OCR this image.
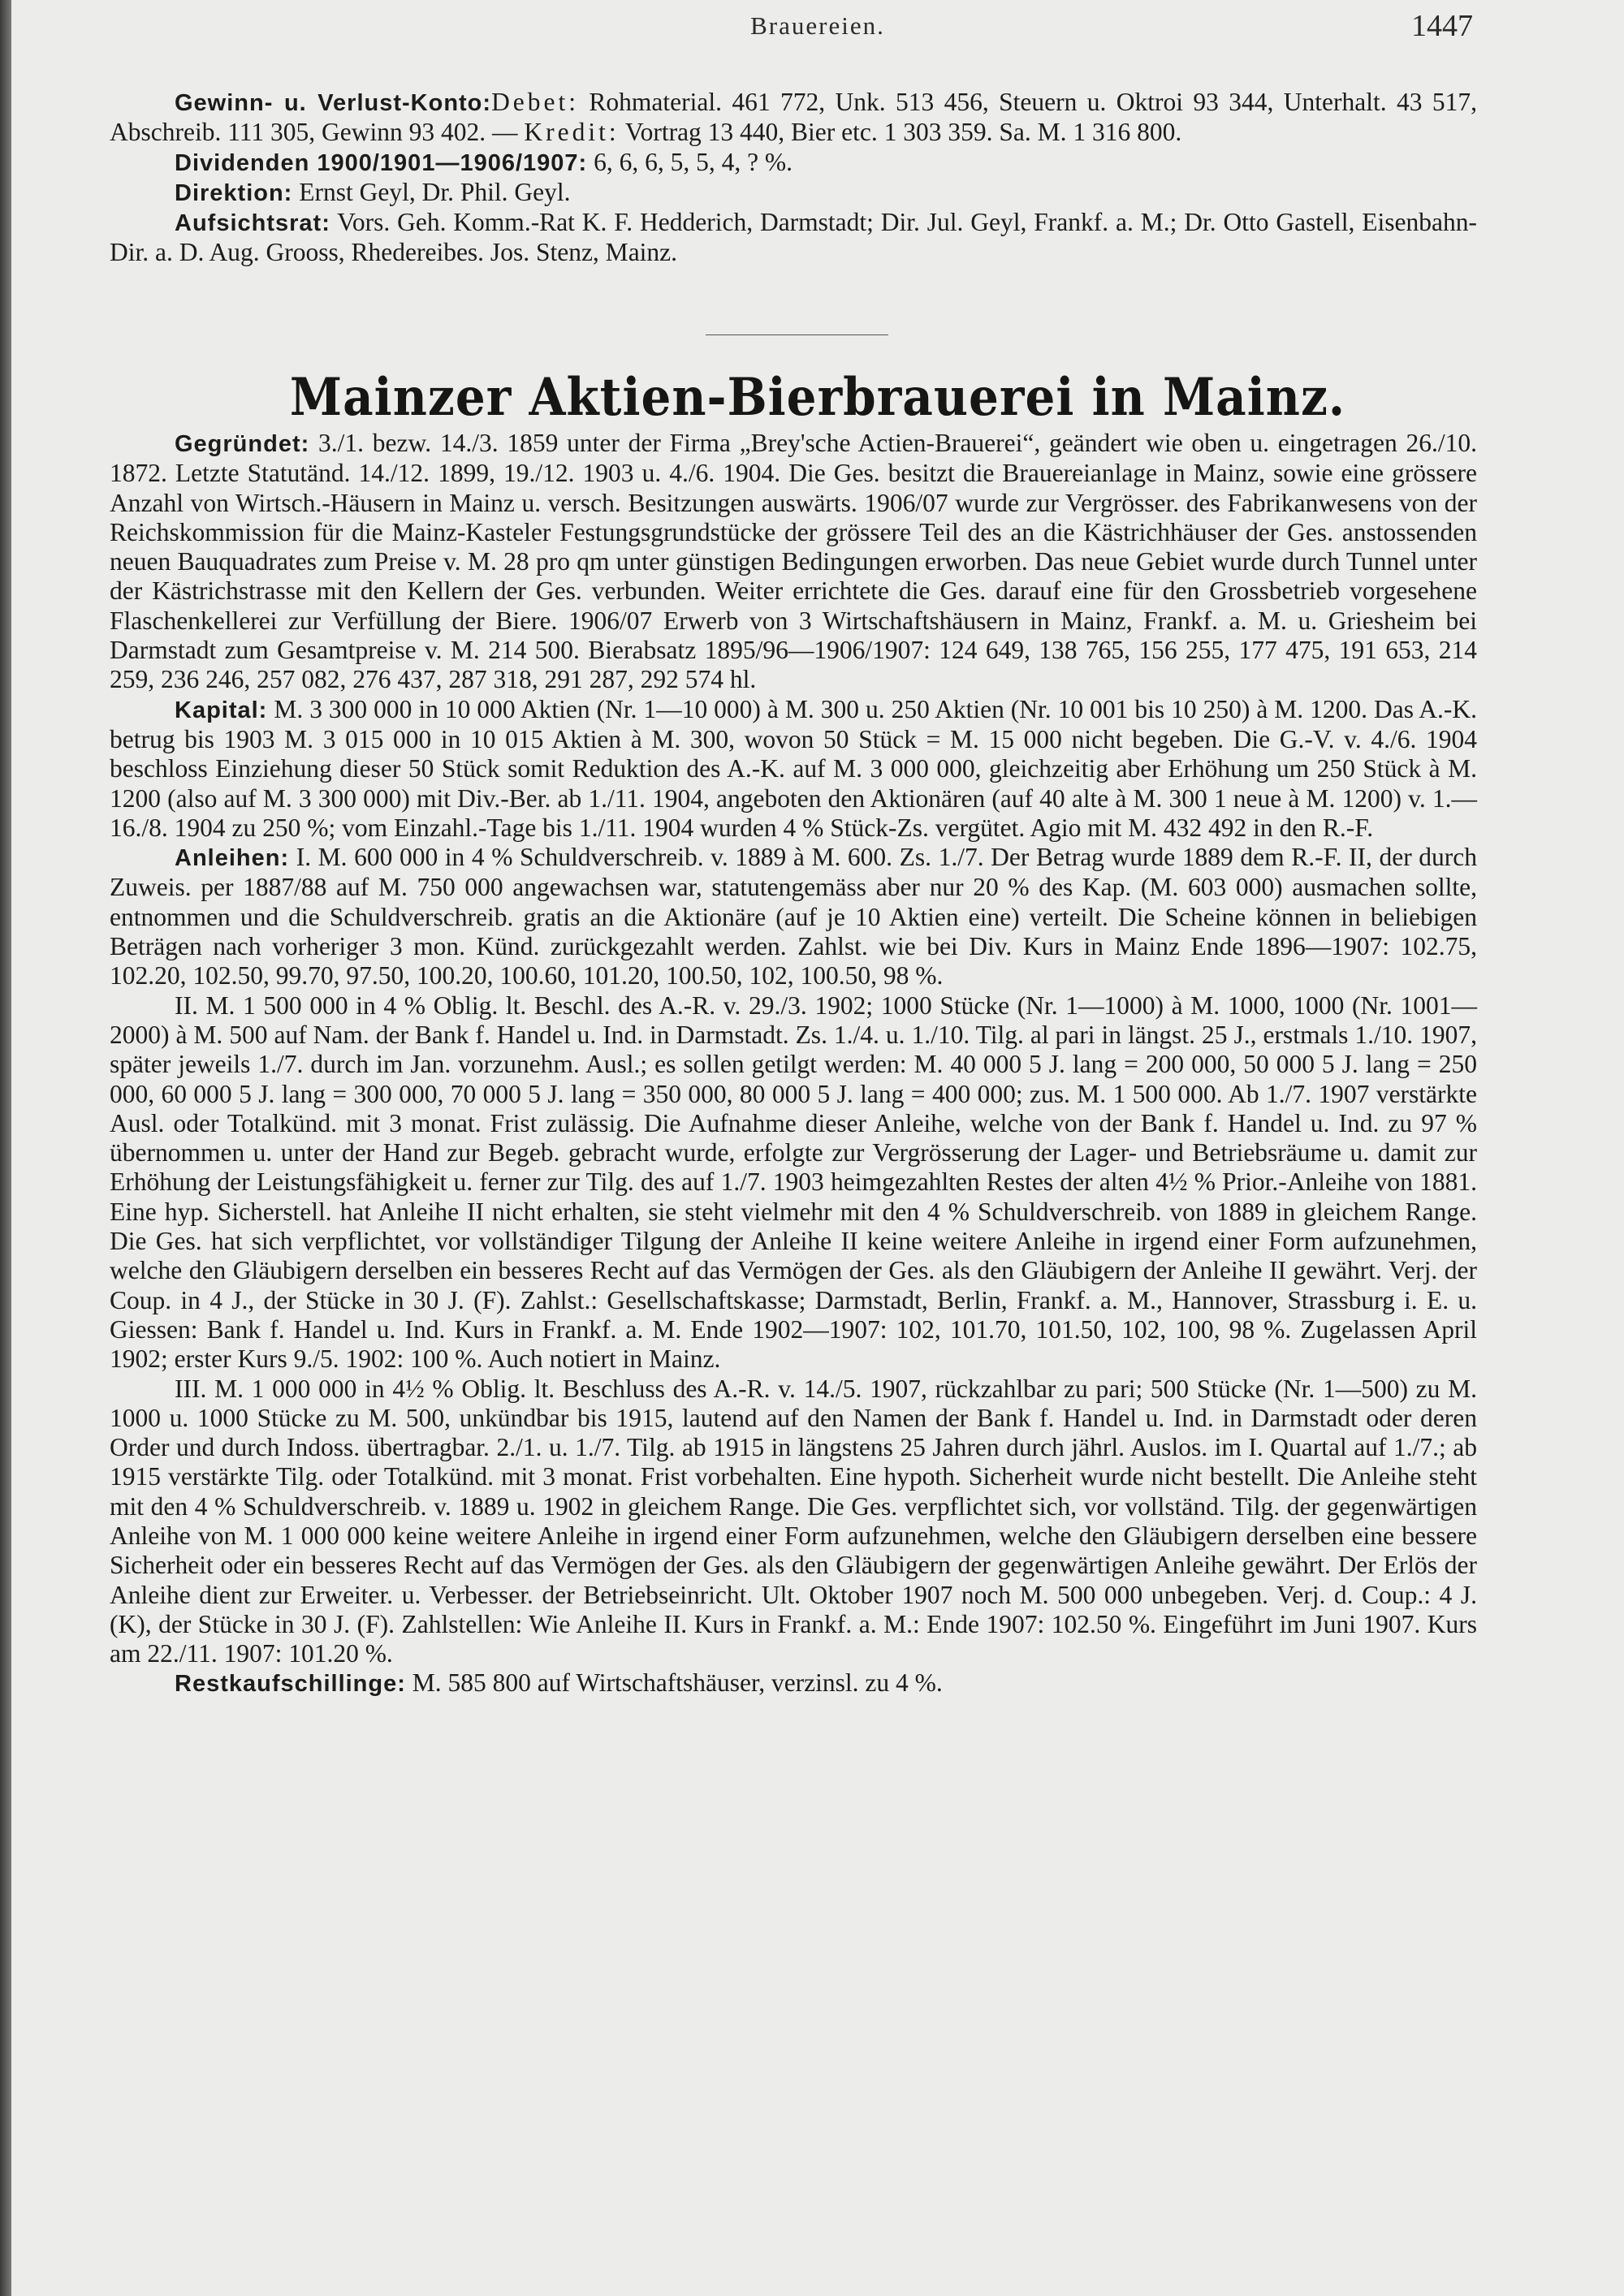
Brauereien.	1447

Gewinn- u. Verlust-Konto:Debet: Rohmaterial. 461 772, Unk. 513 456, Steuern u. Oktroi 93 344, Unterhalt. 43 517, Abschreib. 111 305, Gewinn 93 402. — Kredit: Vortrag 13 440, Bier etc. 1 303 359. Sa. M. 1 316 800.

Dividenden 1900/1901—1906/1907: 6, 6, 6, 5, 5, 4, ? %.

Direktion: Ernst Geyl, Dr. Phil. Geyl.

Aufsichtsrat: Vors. Geh. Komm.-Rat K. F. Hedderich, Darmstadt; Dir. Jul. Geyl, Frankf. a. M.; Dr. Otto Gastell, Eisenbahn-Dir. a. D. Aug. Grooss, Rhedereibes. Jos. Stenz, Mainz.

Mainzer Aktien-Bierbrauerei in Mainz.

Gegründet: 3./1. bezw. 14./3. 1859 unter der Firma „Brey'sche Actien-Brauerei“, geändert wie oben u. eingetragen 26./10. 1872. Letzte Statutänd. 14./12. 1899, 19./12. 1903 u. 4./6. 1904. Die Ges. besitzt die Brauereianlage in Mainz, sowie eine grössere Anzahl von Wirtsch.-Häusern in Mainz u. versch. Besitzungen auswärts. 1906/07 wurde zur Vergrösser. des Fabrikanwesens von der Reichskommission für die Mainz-Kasteler Festungsgrundstücke der grössere Teil des an die Kästrichhäuser der Ges. anstossenden neuen Bauquadrates zum Preise v. M. 28 pro qm unter günstigen Bedingungen erworben. Das neue Gebiet wurde durch Tunnel unter der Kästrichstrasse mit den Kellern der Ges. verbunden. Weiter errichtete die Ges. darauf eine für den Grossbetrieb vorgesehene Flaschenkellerei zur Verfüllung der Biere. 1906/07 Erwerb von 3 Wirtschaftshäusern in Mainz, Frankf. a. M. u. Griesheim bei Darmstadt zum Gesamtpreise v. M. 214 500. Bierabsatz 1895/96—1906/1907: 124 649, 138 765, 156 255, 177 475, 191 653, 214 259, 236 246, 257 082, 276 437, 287 318, 291 287, 292 574 hl.

Kapital: M. 3 300 000 in 10 000 Aktien (Nr. 1—10 000) à M. 300 u. 250 Aktien (Nr. 10 001 bis 10 250) à M. 1200. Das A.-K. betrug bis 1903 M. 3 015 000 in 10 015 Aktien à M. 300, wovon 50 Stück = M. 15 000 nicht begeben. Die G.-V. v. 4./6. 1904 beschloss Einziehung dieser 50 Stück somit Reduktion des A.-K. auf M. 3 000 000, gleichzeitig aber Erhöhung um 250 Stück à M. 1200 (also auf M. 3 300 000) mit Div.-Ber. ab 1./11. 1904, angeboten den Aktionären (auf 40 alte à M. 300 1 neue à M. 1200) v. 1.—16./8. 1904 zu 250 %; vom Einzahl.-Tage bis 1./11. 1904 wurden 4 % Stück-Zs. vergütet. Agio mit M. 432 492 in den R.-F.

Anleihen: I. M. 600 000 in 4 % Schuldverschreib. v. 1889 à M. 600. Zs. 1./7. Der Betrag wurde 1889 dem R.-F. II, der durch Zuweis. per 1887/88 auf M. 750 000 angewachsen war, statutengemäss aber nur 20 % des Kap. (M. 603 000) ausmachen sollte, entnommen und die Schuldverschreib. gratis an die Aktionäre (auf je 10 Aktien eine) verteilt. Die Scheine können in beliebigen Beträgen nach vorheriger 3 mon. Künd. zurückgezahlt werden. Zahlst. wie bei Div. Kurs in Mainz Ende 1896—1907: 102.75, 102.20, 102.50, 99.70, 97.50, 100.20, 100.60, 101.20, 100.50, 102, 100.50, 98 %.

II. M. 1 500 000 in 4 % Oblig. lt. Beschl. des A.-R. v. 29./3. 1902; 1000 Stücke (Nr. 1—1000) à M. 1000, 1000 (Nr. 1001—2000) à M. 500 auf Nam. der Bank f. Handel u. Ind. in Darmstadt. Zs. 1./4. u. 1./10. Tilg. al pari in längst. 25 J., erstmals 1./10. 1907, später jeweils 1./7. durch im Jan. vorzunehm. Ausl.; es sollen getilgt werden: M. 40 000 5 J. lang = 200 000, 50 000 5 J. lang = 250 000, 60 000 5 J. lang = 300 000, 70 000 5 J. lang = 350 000, 80 000 5 J. lang = 400 000; zus. M. 1 500 000. Ab 1./7. 1907 verstärkte Ausl. oder Totalkünd. mit 3 monat. Frist zulässig. Die Aufnahme dieser Anleihe, welche von der Bank f. Handel u. Ind. zu 97 % übernommen u. unter der Hand zur Begeb. gebracht wurde, erfolgte zur Vergrösserung der Lager- und Betriebsräume u. damit zur Erhöhung der Leistungsfähigkeit u. ferner zur Tilg. des auf 1./7. 1903 heimgezahlten Restes der alten 4½ % Prior.-Anleihe von 1881. Eine hyp. Sicherstell. hat Anleihe II nicht erhalten, sie steht vielmehr mit den 4 % Schuldverschreib. von 1889 in gleichem Range. Die Ges. hat sich verpflichtet, vor vollständiger Tilgung der Anleihe II keine weitere Anleihe in irgend einer Form aufzunehmen, welche den Gläubigern derselben ein besseres Recht auf das Vermögen der Ges. als den Gläubigern der Anleihe II gewährt. Verj. der Coup. in 4 J., der Stücke in 30 J. (F). Zahlst.: Gesellschaftskasse; Darmstadt, Berlin, Frankf. a. M., Hannover, Strassburg i. E. u. Giessen: Bank f. Handel u. Ind. Kurs in Frankf. a. M. Ende 1902—1907: 102, 101.70, 101.50, 102, 100, 98 %. Zugelassen April 1902; erster Kurs 9./5. 1902: 100 %. Auch notiert in Mainz.

III. M. 1 000 000 in 4½ % Oblig. lt. Beschluss des A.-R. v. 14./5. 1907, rückzahlbar zu pari; 500 Stücke (Nr. 1—500) zu M. 1000 u. 1000 Stücke zu M. 500, unkündbar bis 1915, lautend auf den Namen der Bank f. Handel u. Ind. in Darmstadt oder deren Order und durch Indoss. übertragbar. 2./1. u. 1./7. Tilg. ab 1915 in längstens 25 Jahren durch jährl. Auslos. im I. Quartal auf 1./7.; ab 1915 verstärkte Tilg. oder Totalkünd. mit 3 monat. Frist vorbehalten. Eine hypoth. Sicherheit wurde nicht bestellt. Die Anleihe steht mit den 4 % Schuldverschreib. v. 1889 u. 1902 in gleichem Range. Die Ges. verpflichtet sich, vor vollständ. Tilg. der gegenwärtigen Anleihe von M. 1 000 000 keine weitere Anleihe in irgend einer Form aufzunehmen, welche den Gläubigern derselben eine bessere Sicherheit oder ein besseres Recht auf das Vermögen der Ges. als den Gläubigern der gegenwärtigen Anleihe gewährt. Der Erlös der Anleihe dient zur Erweiter. u. Verbesser. der Betriebseinricht. Ult. Oktober 1907 noch M. 500 000 unbegeben. Verj. d. Coup.: 4 J. (K), der Stücke in 30 J. (F). Zahlstellen: Wie Anleihe II. Kurs in Frankf. a. M.: Ende 1907: 102.50 %. Eingeführt im Juni 1907. Kurs am 22./11. 1907: 101.20 %.

Restkaufschillinge: M. 585 800 auf Wirtschaftshäuser, verzinsl. zu 4 %.
